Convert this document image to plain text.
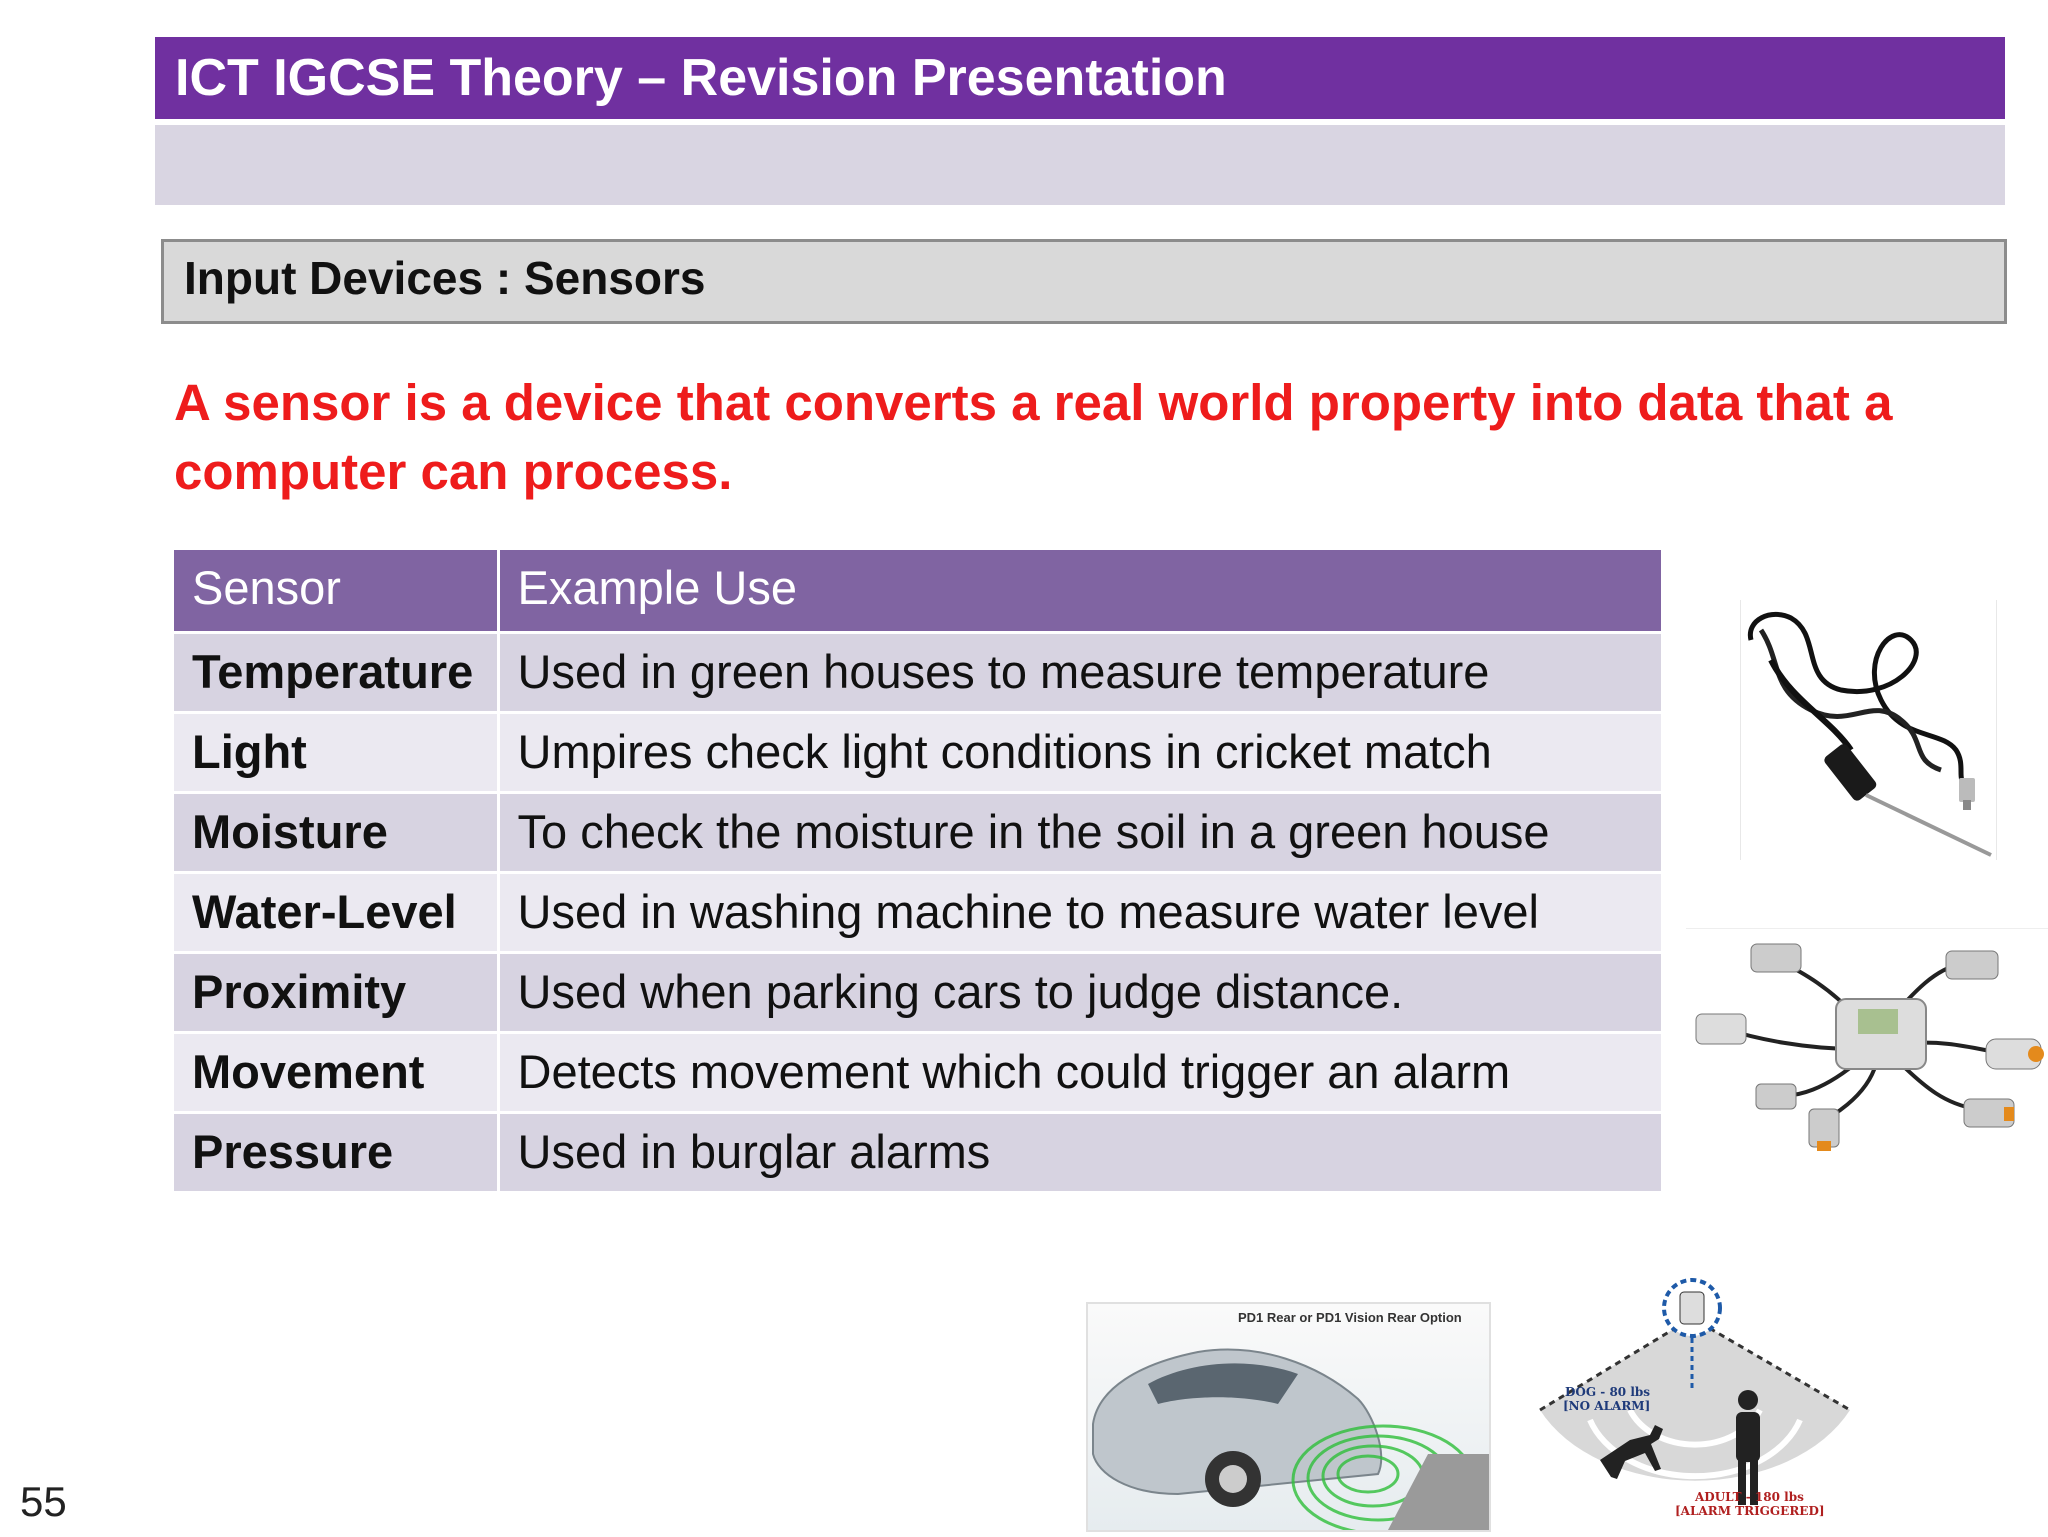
ICT IGCSE Theory – Revision Presentation
Input Devices : Sensors
A sensor is a device that converts a real world property into data that a computer can process.
Sensor	Example Use
Temperature	Used in green houses to measure temperature
Light	Umpires check light conditions in cricket match
Moisture	To check the moisture in the soil in a green house
Water-Level	Used in washing machine to measure water level
Proximity	Used when parking cars to judge distance.
Movement	Detects movement which could trigger an alarm
Pressure	Used in burglar alarms
PD1 Rear or PD1 Vision Rear Option
DOG - 80 lbs
[NO ALARM]
ADULT - 180 lbs
[ALARM TRIGGERED]
55
